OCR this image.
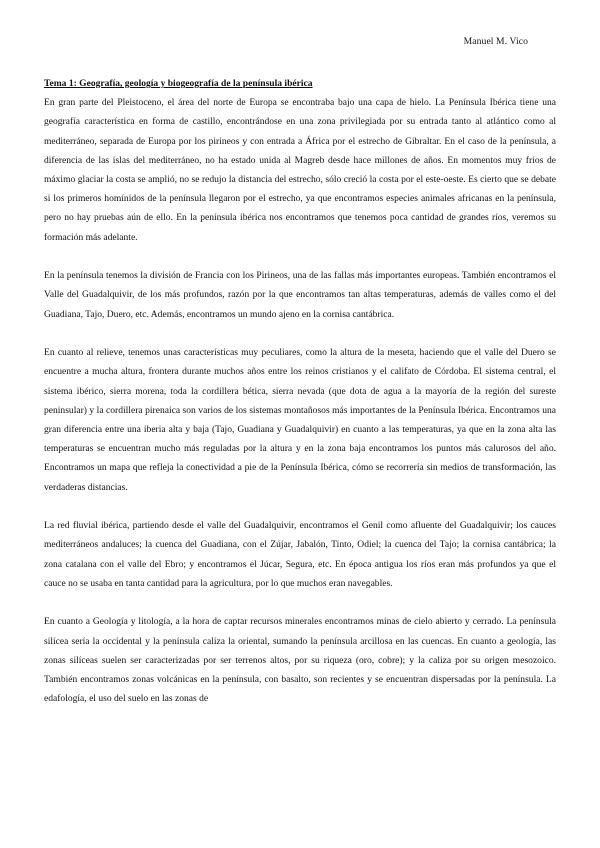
Manuel M. Vico
Tema 1: Geografía, geología y biogeografía de la península ibérica

En gran parte del Pleistoceno, el área del norte de Europa se encontraba bajo una capa de hielo. La Península Ibérica tiene una geografía característica en forma de castillo, encontrándose en una zona privilegiada por su entrada tanto al atlántico como al mediterráneo, separada de Europa por los pirineos y con entrada a África por el estrecho de Gibraltar. En el caso de la península, a diferencia de las islas del mediterráneo, no ha estado unida al Magreb desde hace millones de años. En momentos muy fríos de máximo glaciar la costa se amplió, no se redujo la distancia del estrecho, sólo creció la costa por el este-oeste. Es cierto que se debate si los primeros homínidos de la península llegaron por el estrecho, ya que encontramos especies animales africanas en la península, pero no hay pruebas aún de ello. En la península ibérica nos encontramos que tenemos poca cantidad de grandes ríos, veremos su formación más adelante.

En la península tenemos la división de Francia con los Pirineos, una de las fallas más importantes europeas. También encontramos el Valle del Guadalquivir, de los más profundos, razón por la que encontramos tan altas temperaturas, además de valles como el del Guadiana, Tajo, Duero, etc. Además, encontramos un mundo ajeno en la cornisa cantábrica.

En cuanto al relieve, tenemos unas características muy peculiares, como la altura de la meseta, haciendo que el valle del Duero se encuentre a mucha altura, frontera durante muchos años entre los reinos cristianos y el califato de Córdoba. El sistema central, el sistema ibérico, sierra morena, toda la cordillera bética, sierra nevada (que dota de agua a la mayoría de la región del sureste peninsular) y la cordillera pirenaica son varios de los sistemas montañosos más importantes de la Península Ibérica. Encontramos una gran diferencia entre una iberia alta y baja (Tajo, Guadiana y Guadalquivir) en cuanto a las temperaturas, ya que en la zona alta las temperaturas se encuentran mucho más reguladas por la altura y en la zona baja encontramos los puntos más calurosos del año. Encontramos un mapa que refleja la conectividad a pie de la Península Ibérica, cómo se recorrería sin medios de transformación, las verdaderas distancias.

La red fluvial ibérica, partiendo desde el valle del Guadalquivir, encontramos el Genil como afluente del Guadalquivir; los cauces mediterráneos andaluces; la cuenca del Guadiana, con el Zújar, Jabalón, Tinto, Odiel; la cuenca del Tajo; la cornisa cantábrica; la zona catalana con el valle del Ebro; y encontramos el Júcar, Segura, etc. En época antigua los ríos eran más profundos ya que el cauce no se usaba en tanta cantidad para la agricultura, por lo que muchos eran navegables.

En cuanto a Geología y litología, a la hora de captar recursos minerales encontramos minas de cielo abierto y cerrado. La península silícea sería la occidental y la península caliza la oriental, sumando la península arcillosa en las cuencas. En cuanto a geología, las zonas silíceas suelen ser caracterizadas por ser terrenos altos, por su riqueza (oro, cobre); y la caliza por su origen mesozoico. También encontramos zonas volcánicas en la península, con basalto, son recientes y se encuentran dispersadas por la península. La edafología, el uso del suelo en las zonas de
